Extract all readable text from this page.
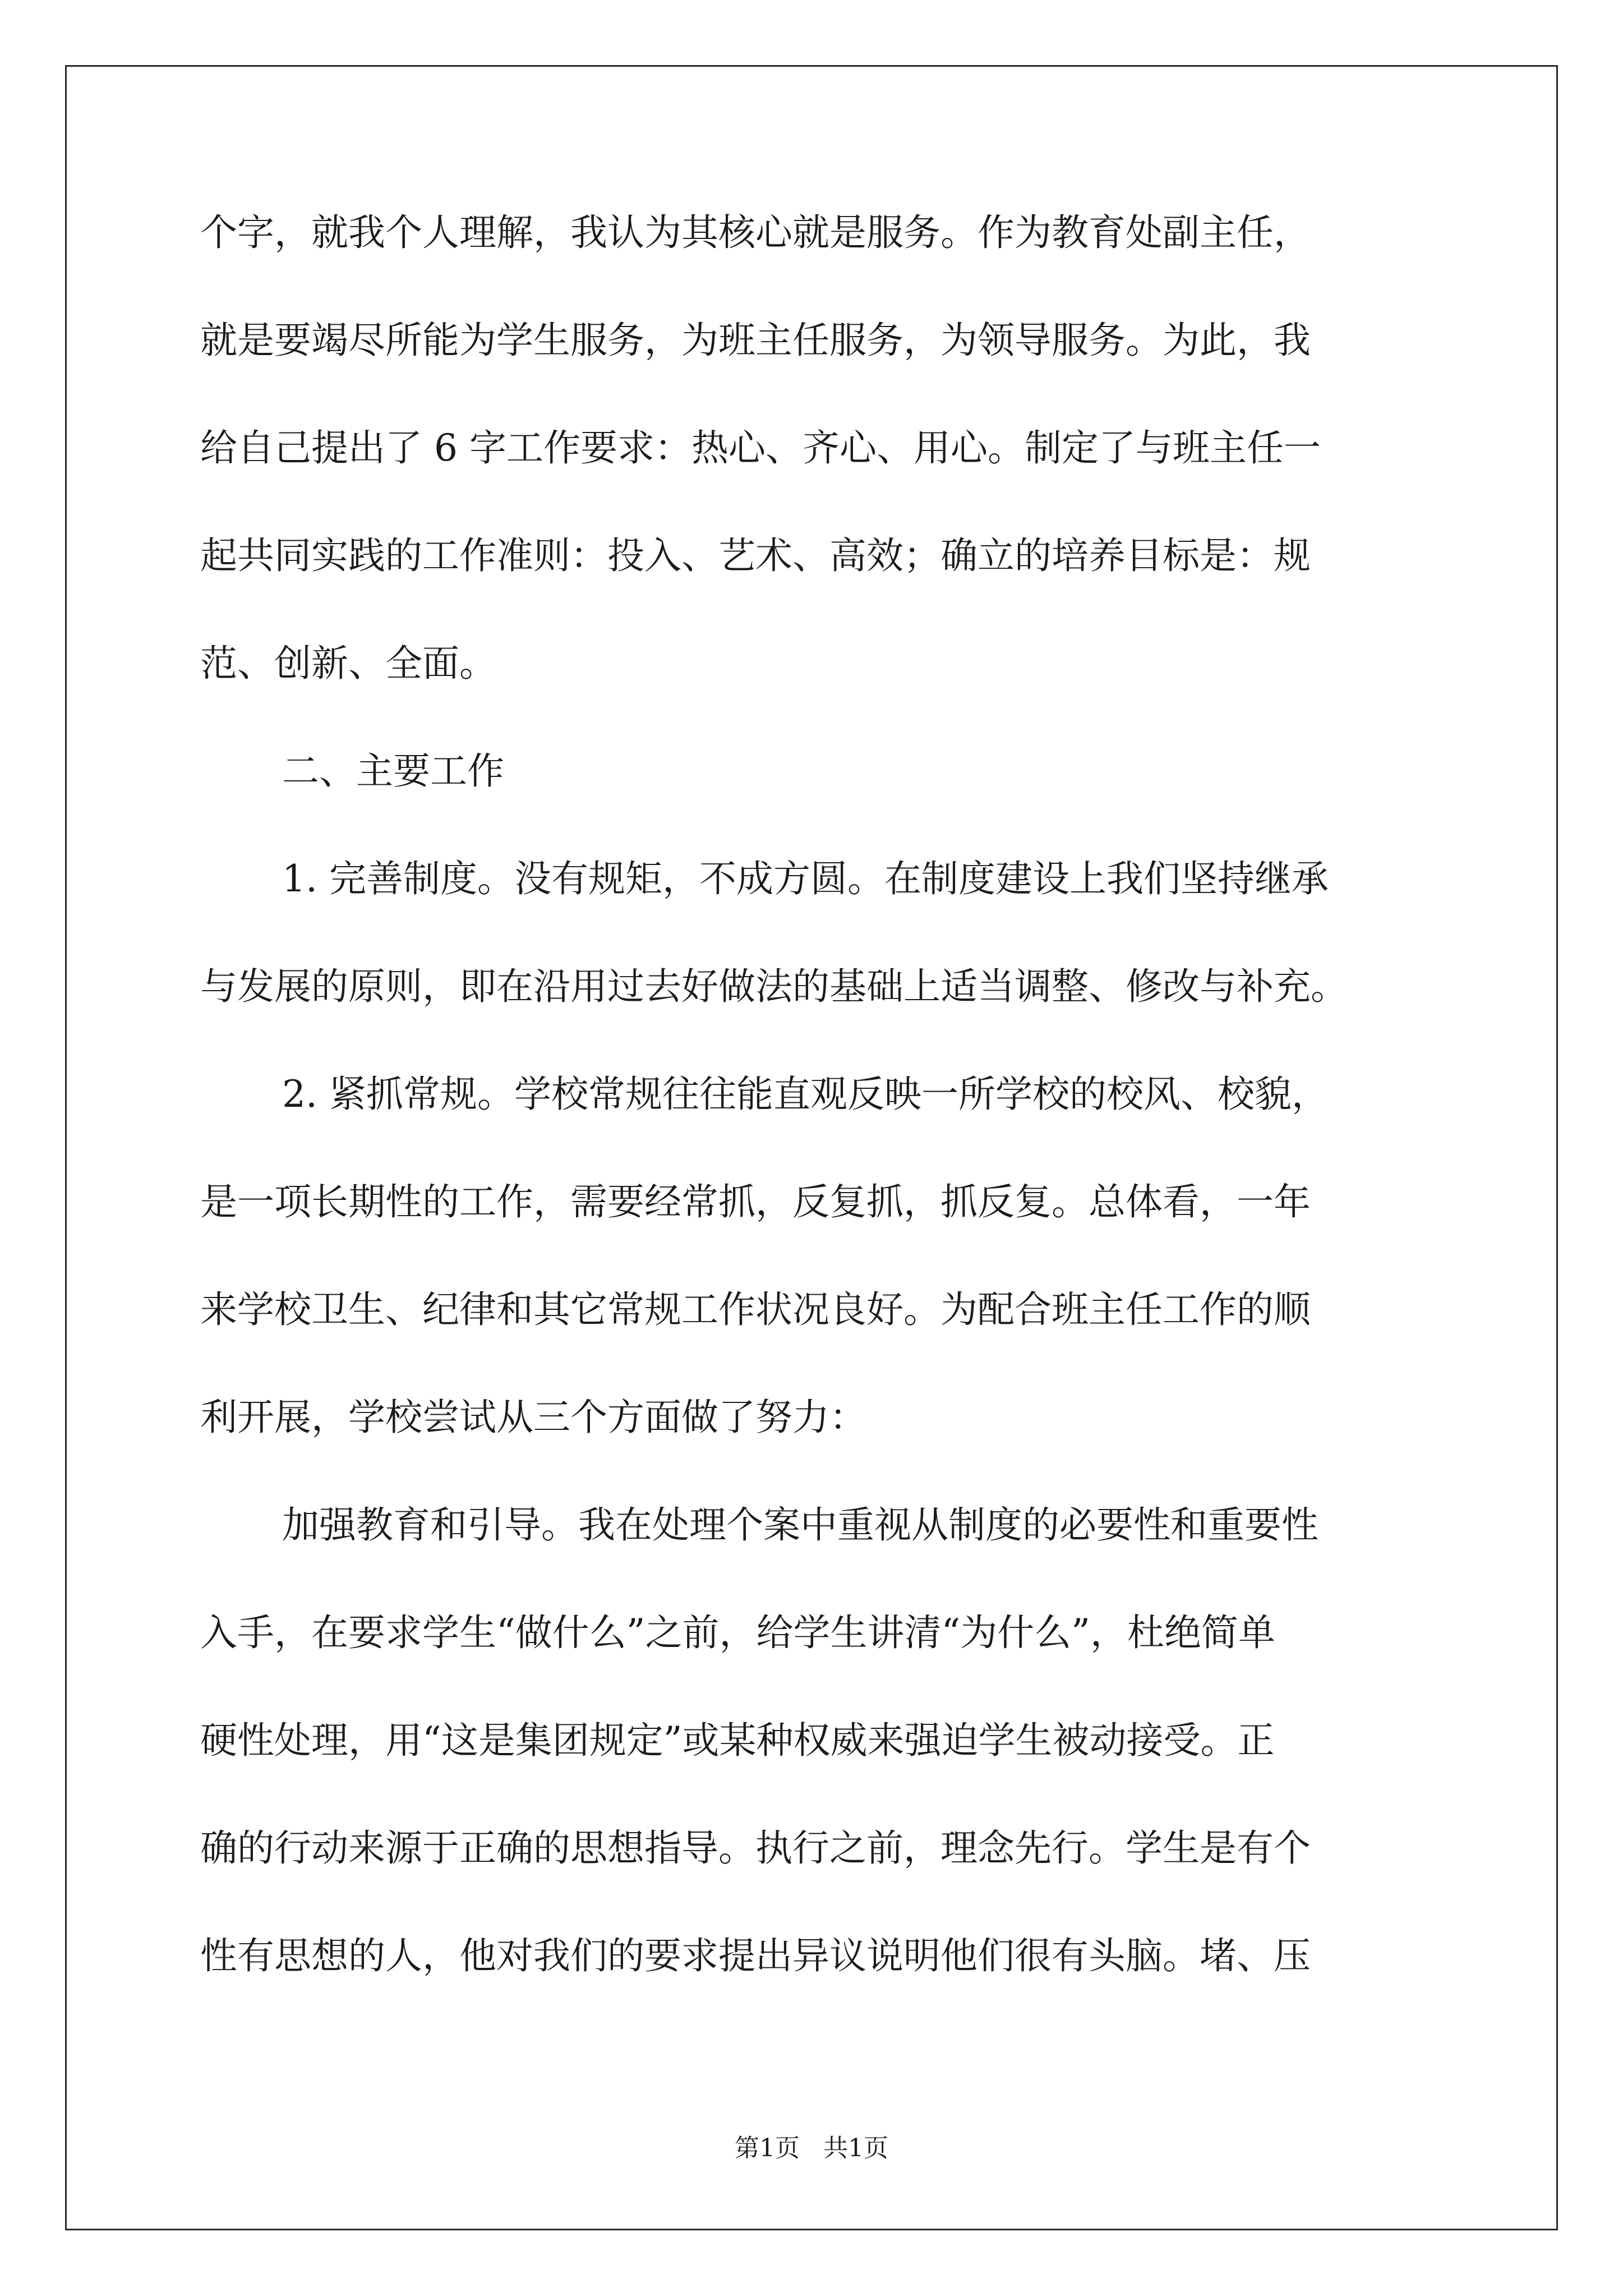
个字，就我个人理解，我认为其核心就是服务。作为教育处副主任，

就是要竭尽所能为学生服务，为班主任服务，为领导服务。为此，我

给自己提出了 6 字工作要求：热心、齐心、用心。制定了与班主任一

起共同实践的工作准则：投入、艺术、高效；确立的培养目标是：规

范、创新、全面。

二、主要工作

1. 完善制度。没有规矩，不成方圆。在制度建设上我们坚持继承

与发展的原则，即在沿用过去好做法的基础上适当调整、修改与补充。

2. 紧抓常规。学校常规往往能直观反映一所学校的校风、校貌，

是一项长期性的工作，需要经常抓，反复抓，抓反复。总体看，一年

来学校卫生、纪律和其它常规工作状况良好。为配合班主任工作的顺

利开展，学校尝试从三个方面做了努力：

加强教育和引导。我在处理个案中重视从制度的必要性和重要性

入手，在要求学生“做什么”之前，给学生讲清“为什么”，杜绝简单

硬性处理，用“这是集团规定”或某种权威来强迫学生被动接受。正

确的行动来源于正确的思想指导。执行之前，理念先行。学生是有个

性有思想的人，他对我们的要求提出异议说明他们很有头脑。堵、压

第1页   共1页
